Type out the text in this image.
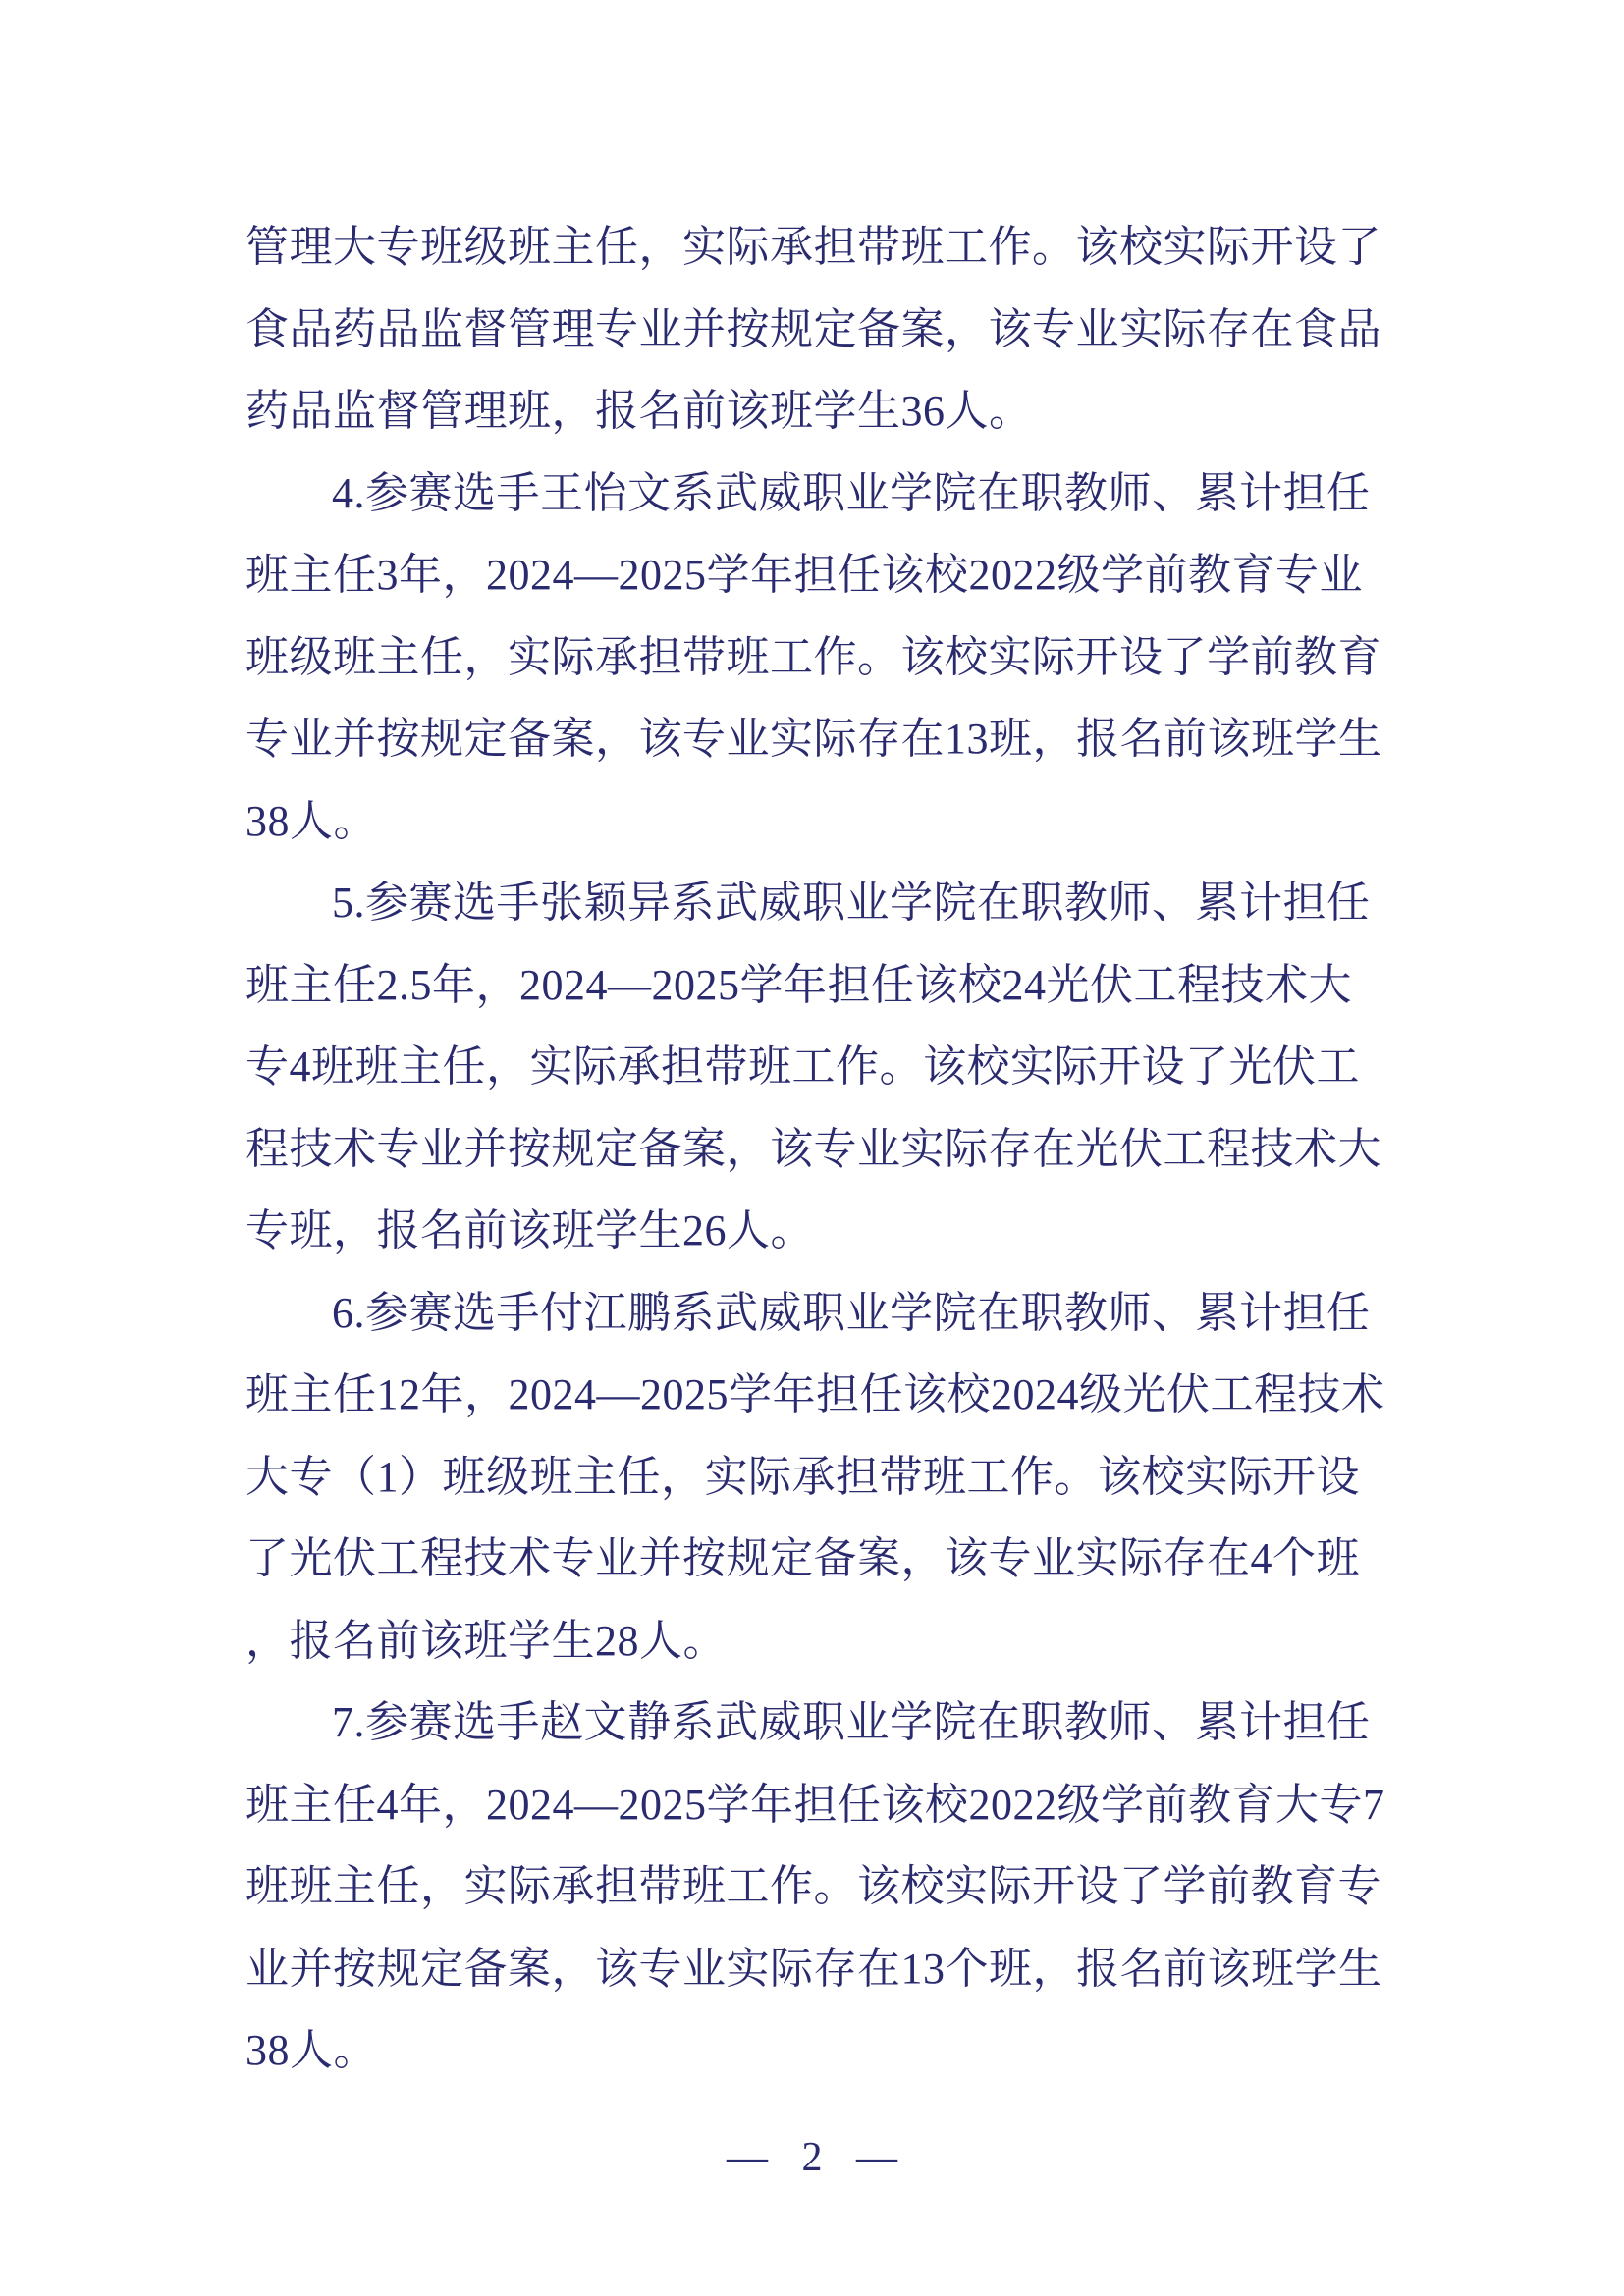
管理大专班级班主任，实际承担带班工作。该校实际开设了
食品药品监督管理专业并按规定备案，该专业实际存在食品
药品监督管理班，报名前该班学生36人。
4.参赛选手王怡文系武威职业学院在职教师、累计担任
班主任3年，2024—2025学年担任该校2022级学前教育专业
班级班主任，实际承担带班工作。该校实际开设了学前教育
专业并按规定备案，该专业实际存在13班，报名前该班学生
38人。
5.参赛选手张颖异系武威职业学院在职教师、累计担任
班主任2.5年，2024—2025学年担任该校24光伏工程技术大
专4班班主任，实际承担带班工作。该校实际开设了光伏工
程技术专业并按规定备案，该专业实际存在光伏工程技术大
专班，报名前该班学生26人。
6.参赛选手付江鹏系武威职业学院在职教师、累计担任
班主任12年，2024—2025学年担任该校2024级光伏工程技术
大专（1）班级班主任，实际承担带班工作。该校实际开设
了光伏工程技术专业并按规定备案，该专业实际存在4个班
，报名前该班学生28人。
7.参赛选手赵文静系武威职业学院在职教师、累计担任
班主任4年，2024—2025学年担任该校2022级学前教育大专7
班班主任，实际承担带班工作。该校实际开设了学前教育专
业并按规定备案，该专业实际存在13个班，报名前该班学生
38人。
— 2 —
